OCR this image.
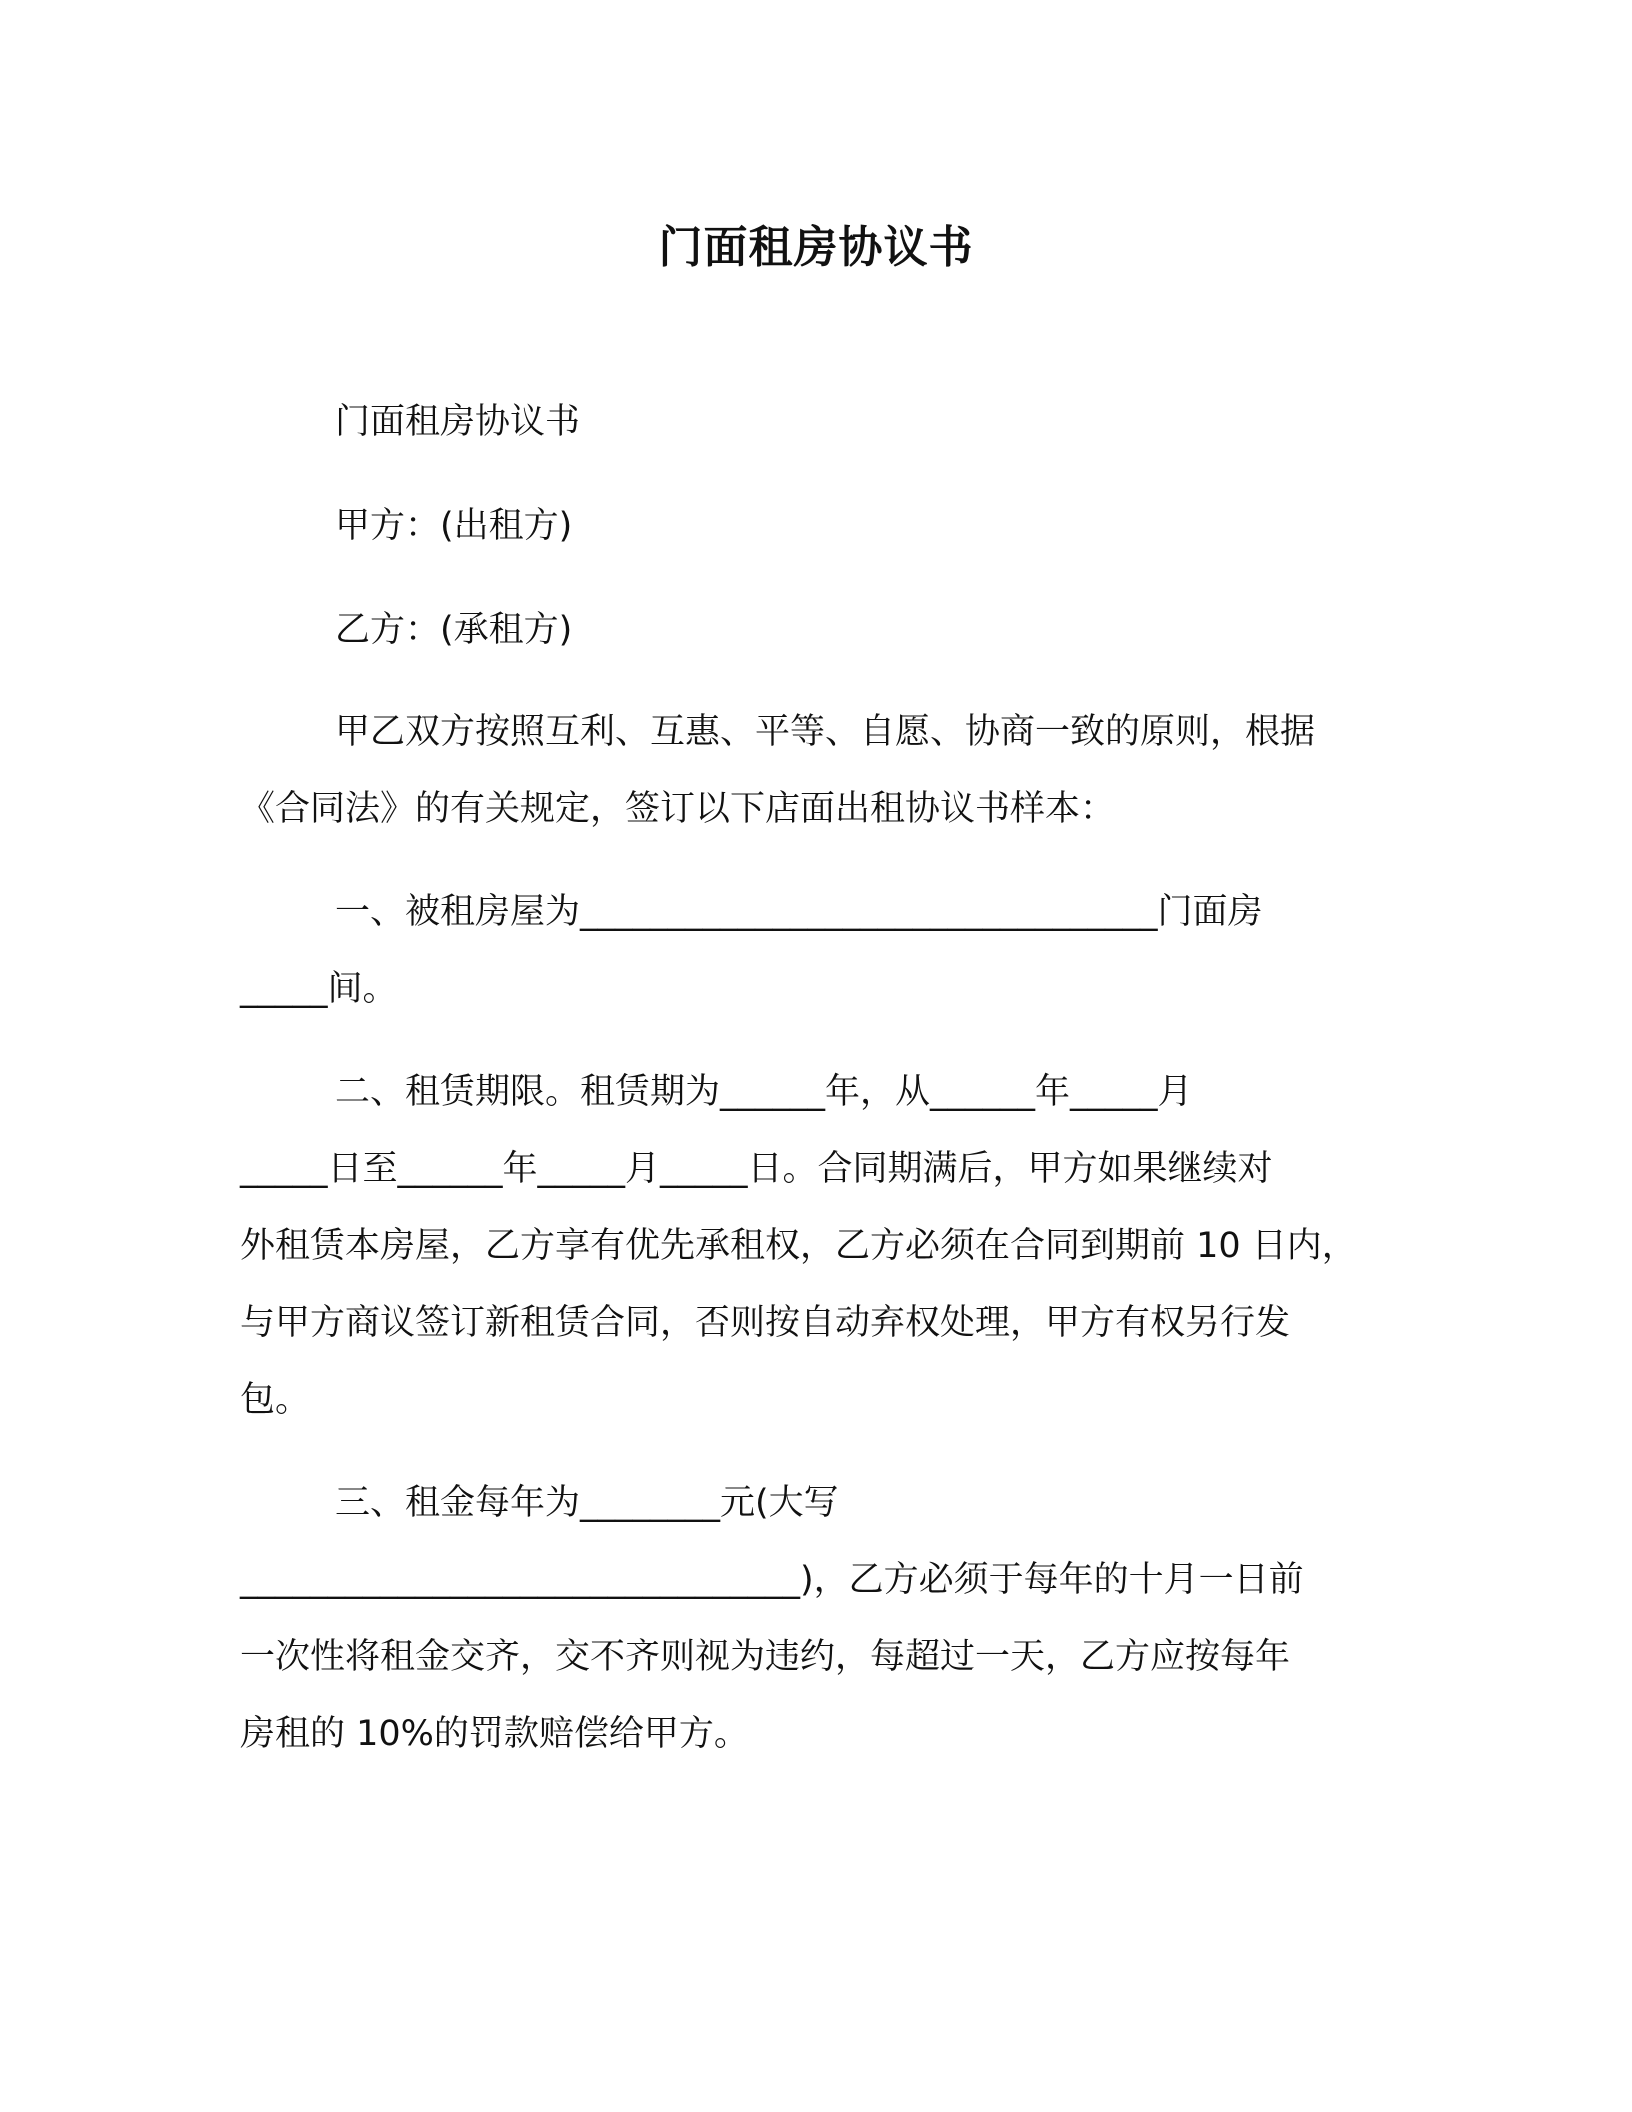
门面租房协议书

门面租房协议书

甲方：(出租方)

乙方：(承租方)

甲乙双方按照互利、互惠、平等、自愿、协商一致的原则，根据

《合同法》的有关规定，签订以下店面出租协议书样本：

一、被租房屋为_________________________________门面房

_____间。

二、租赁期限。租赁期为______年，从______年_____月

_____日至______年_____月_____日。合同期满后，甲方如果继续对

外租赁本房屋，乙方享有优先承租权，乙方必须在合同到期前 10 日内，

与甲方商议签订新租赁合同，否则按自动弃权处理，甲方有权另行发

包。

三、租金每年为________元(大写

________________________________)，乙方必须于每年的十月一日前

一次性将租金交齐，交不齐则视为违约，每超过一天，乙方应按每年

房租的 10%的罚款赔偿给甲方。
